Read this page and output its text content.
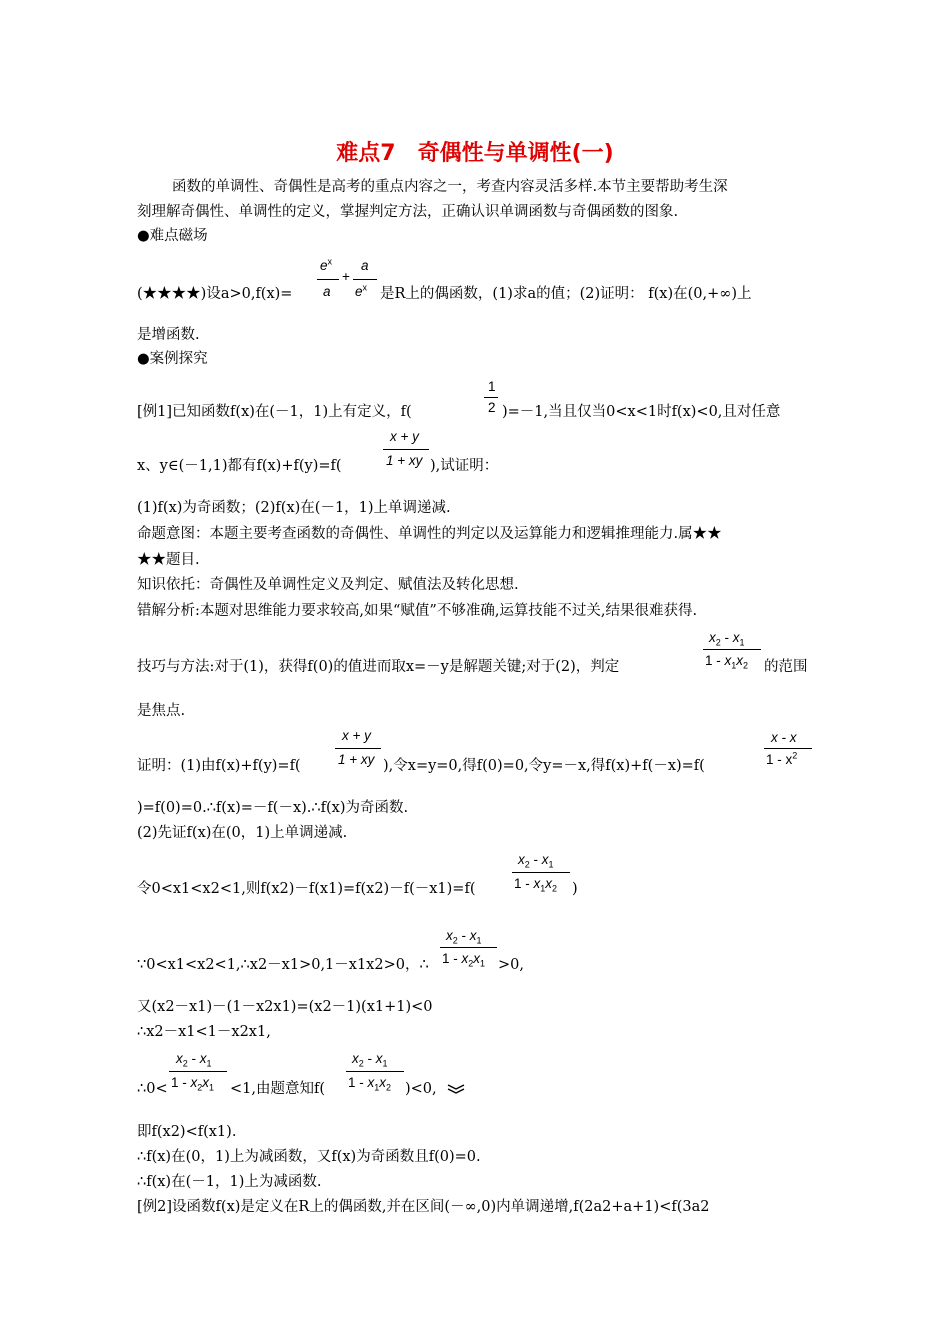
难点7　奇偶性与单调性(一)
函数的单调性、奇偶性是高考的重点内容之一，考查内容灵活多样.本节主要帮助考生深
刻理解奇偶性、单调性的定义，掌握判定方法，正确认识单调函数与奇偶函数的图象.
●难点磁场
(★★★★)设a>0,f(x)=
$e^x$
a
+
a
$e^x$ 是R上的偶函数，(1)求a的值；(2)证明： f(x)在(0,+∞)上
是增函数.
●案例探究
[例1]已知函数f(x)在(－1，1)上有定义，f(
1
2 )=－1,当且仅当0<x<1时f(x)<0,且对任意
x、y∈(－1,1)都有f(x)+f(y)=f(
x + y
1 + xy ),试证明：
(1)f(x)为奇函数；(2)f(x)在(－1，1)上单调递减.
命题意图：本题主要考查函数的奇偶性、单调性的判定以及运算能力和逻辑推理能力.属★★
★★题目.
知识依托：奇偶性及单调性定义及判定、赋值法及转化思想.
错解分析:本题对思维能力要求较高,如果“赋值”不够准确,运算技能不过关,结果很难获得.
技巧与方法:对于(1)，获得f(0)的值进而取x=－y是解题关键;对于(2)，判定
$x_2 - x_1$
$1 - x_1x_2$ 的范围
是焦点.
证明：(1)由f(x)+f(y)=f(
x + y
1 + xy ),令x=y=0,得f(0)=0,令y=－x,得f(x)+f(－x)=f(
x - x
$1 - x^2$
)=f(0)=0.∴f(x)=－f(－x).∴f(x)为奇函数.
(2)先证f(x)在(0，1)上单调递减.
令0<x1<x2<1,则f(x2)－f(x1)=f(x2)－f(－x1)=f(
$x_2 - x_1$
$1 - x_1x_2$ )
∵0<x1<x2<1,∴x2－x1>0,1－x1x2>0，∴
$x_2 - x_1$
$1 - x_2x_1 >0$,
又(x2－x1)－(1－x2x1)=(x2－1)(x1+1)<0
∴x2－x1<1－x2x1,
∴0<
$x_2 - x_1$
$1 - x_2x_1 <1$,由题意知f(
$x_2 - x_1$
$1 - x_1x_2$ )<0,
即f(x2)<f(x1).
∴f(x)在(0，1)上为减函数，又f(x)为奇函数且f(0)=0.
∴f(x)在(－1，1)上为减函数.
[例2]设函数f(x)是定义在R上的偶函数,并在区间(－∞,0)内单调递增,f(2a2+a+1)<f(3a2
